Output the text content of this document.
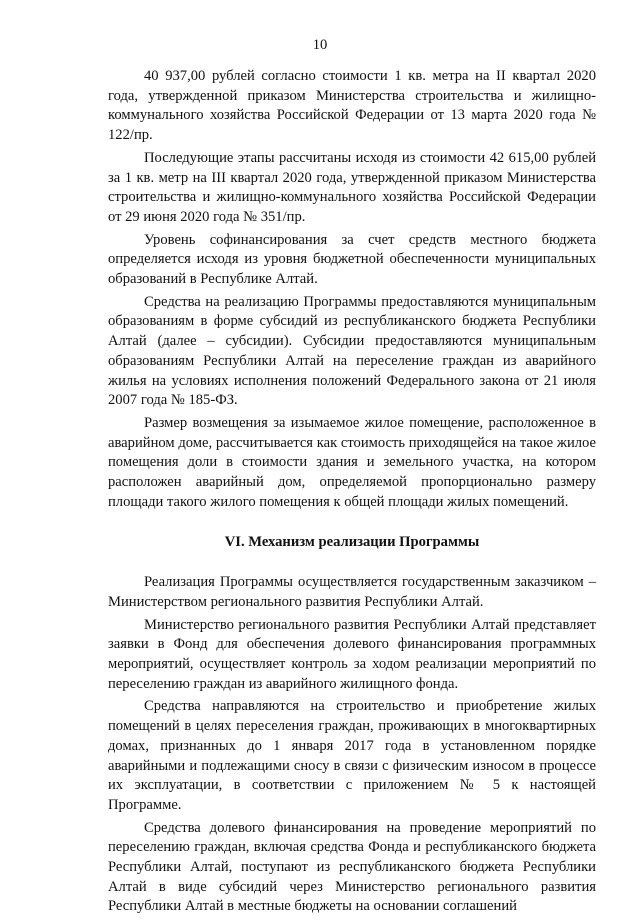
10

40 937,00 рублей согласно стоимости 1 кв. метра на II квартал 2020 года, утвержденной приказом Министерства строительства и жилищно-коммунального хозяйства Российской Федерации от 13 марта 2020 года № 122/пр.

Последующие этапы рассчитаны исходя из стоимости 42 615,00 рублей за 1 кв. метр на III квартал 2020 года, утвержденной приказом Министерства строительства и жилищно-коммунального хозяйства Российской Федерации от 29 июня 2020 года № 351/пр.

Уровень софинансирования за счет средств местного бюджета определяется исходя из уровня бюджетной обеспеченности муниципальных образований в Республике Алтай.

Средства на реализацию Программы предоставляются муниципальным образованиям в форме субсидий из республиканского бюджета Республики Алтай (далее – субсидии). Субсидии предоставляются муниципальным образованиям Республики Алтай на переселение граждан из аварийного жилья на условиях исполнения положений Федерального закона от 21 июля 2007 года № 185-ФЗ.

Размер возмещения за изымаемое жилое помещение, расположенное в аварийном доме, рассчитывается как стоимость приходящейся на такое жилое помещения доли в стоимости здания и земельного участка, на котором расположен аварийный дом, определяемой пропорционально размеру площади такого жилого помещения к общей площади жилых помещений.

VI. Механизм реализации Программы

Реализация Программы осуществляется государственным заказчиком – Министерством регионального развития Республики Алтай.

Министерство регионального развития Республики Алтай представляет заявки в Фонд для обеспечения долевого финансирования программных мероприятий, осуществляет контроль за ходом реализации мероприятий по переселению граждан из аварийного жилищного фонда.

Средства направляются на строительство и приобретение жилых помещений в целях переселения граждан, проживающих в многоквартирных домах, признанных до 1 января 2017 года в установленном порядке аварийными и подлежащими сносу в связи с физическим износом в процессе их эксплуатации, в соответствии с приложением № 5 к настоящей Программе.

Средства долевого финансирования на проведение мероприятий по переселению граждан, включая средства Фонда и республиканского бюджета Республики Алтай, поступают из республиканского бюджета Республики Алтай в виде субсидий через Министерство регионального развития Республики Алтай в местные бюджеты на основании соглашений
